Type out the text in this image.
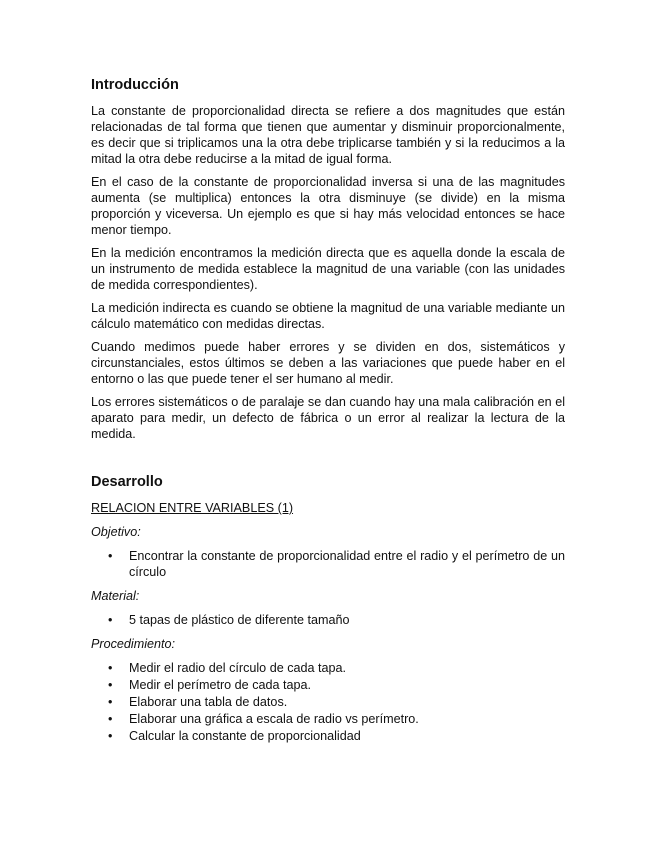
Introducción

La constante de proporcionalidad directa se refiere a dos magnitudes que están relacionadas de tal forma que tienen que aumentar y disminuir proporcionalmente, es decir que si triplicamos una la otra debe triplicarse también y si la reducimos a la mitad la otra debe reducirse a la mitad de igual forma.

En el caso de la constante de proporcionalidad inversa si una de las magnitudes aumenta (se multiplica) entonces la otra disminuye (se divide) en la misma proporción y viceversa. Un ejemplo es que si hay más velocidad entonces se hace menor tiempo.

En la medición encontramos la medición directa que es aquella donde la escala de un instrumento de medida establece la magnitud de una variable (con las unidades de medida correspondientes).

La medición indirecta es cuando se obtiene la magnitud de una variable mediante un cálculo matemático con medidas directas.

Cuando medimos puede haber errores y se dividen en dos, sistemáticos y circunstanciales, estos últimos se deben a las variaciones que puede haber en el entorno o las que puede tener el ser humano al medir.

Los errores sistemáticos o de paralaje se dan cuando hay una mala calibración en el aparato para medir, un defecto de fábrica o un error al realizar la lectura de la medida.

Desarrollo
RELACION ENTRE VARIABLES (1)
Objetivo:
• Encontrar la constante de proporcionalidad entre el radio y el perímetro de un círculo
Material:
• 5 tapas de plástico de diferente tamaño
Procedimiento:
• Medir el radio del círculo de cada tapa.
• Medir el perímetro de cada tapa.
• Elaborar una tabla de datos.
• Elaborar una gráfica a escala de radio vs perímetro.
• Calcular la constante de proporcionalidad
